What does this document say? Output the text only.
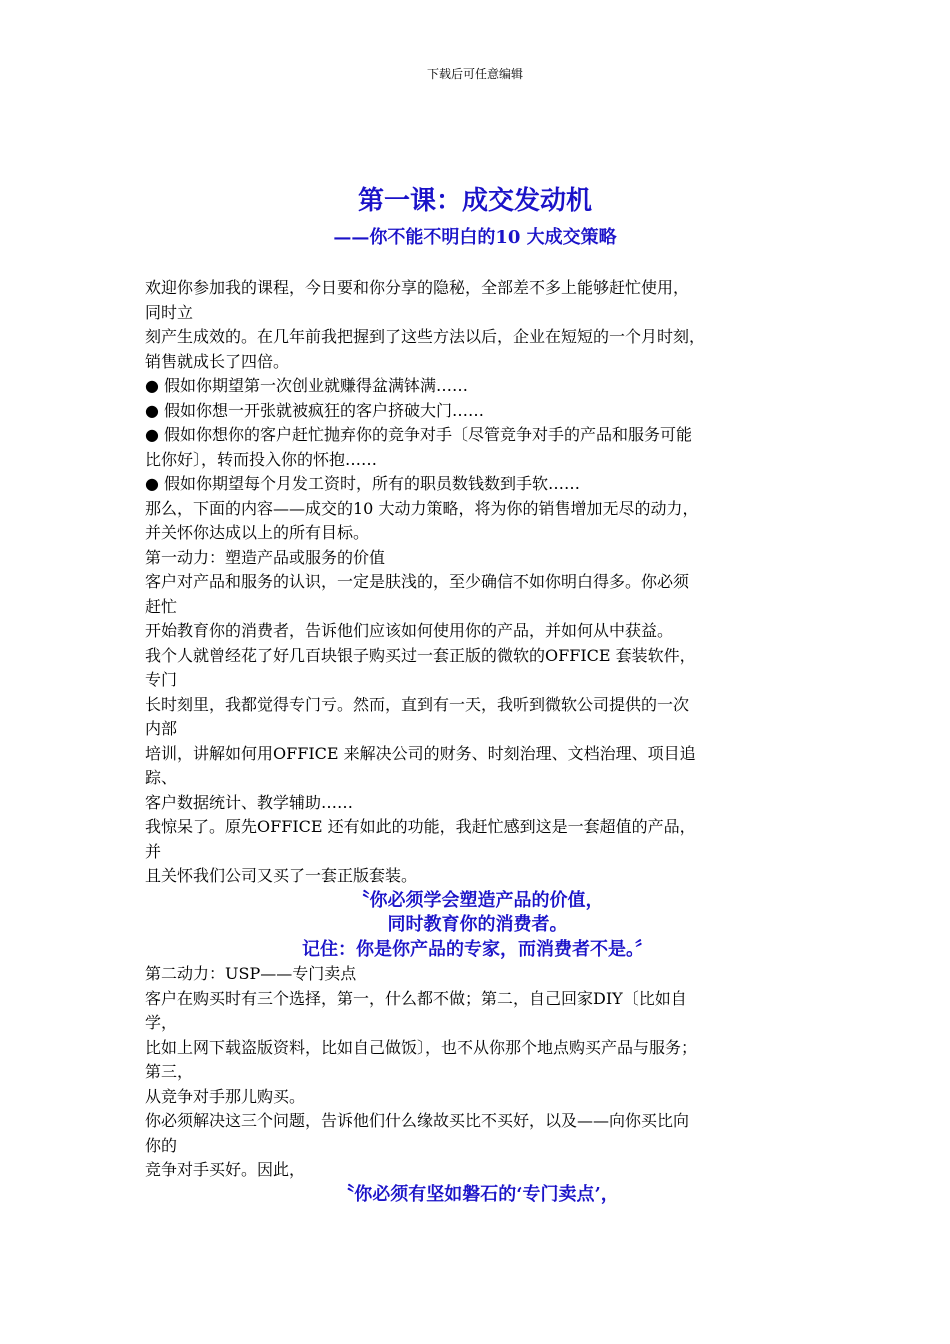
下载后可任意编辑
第一课：成交发动机
——你不能不明白的10 大成交策略
欢迎你参加我的课程，今日要和你分享的隐秘，全部差不多上能够赶忙使用，
同时立
刻产生成效的。在几年前我把握到了这些方法以后，企业在短短的一个月时刻，
销售就成长了四倍。
● 假如你期望第一次创业就赚得盆满钵满……
● 假如你想一开张就被疯狂的客户挤破大门……
● 假如你想你的客户赶忙抛弃你的竞争对手〔尽管竞争对手的产品和服务可能
比你好〕，转而投入你的怀抱……
● 假如你期望每个月发工资时，所有的职员数钱数到手软……
那么，下面的内容——成交的10 大动力策略，将为你的销售增加无尽的动力，
并关怀你达成以上的所有目标。
第一动力：塑造产品或服务的价值
客户对产品和服务的认识，一定是肤浅的，至少确信不如你明白得多。你必须
赶忙
开始教育你的消费者，告诉他们应该如何使用你的产品，并如何从中获益。
我个人就曾经花了好几百块银子购买过一套正版的微软的OFFICE 套装软件，
专门
长时刻里，我都觉得专门亏。然而，直到有一天，我听到微软公司提供的一次
内部
培训，讲解如何用OFFICE 来解决公司的财务、时刻治理、文档治理、项目追
踪、
客户数据统计、教学辅助……
我惊呆了。原先OFFICE 还有如此的功能，我赶忙感到这是一套超值的产品，
并
且关怀我们公司又买了一套正版套装。
〝你必须学会塑造产品的价值，
同时教育你的消费者。
记住：你是你产品的专家，而消费者不是。〞
第二动力：USP——专门卖点
客户在购买时有三个选择，第一，什么都不做；第二，自己回家DIY〔比如自
学，
比如上网下载盗版资料，比如自己做饭〕，也不从你那个地点购买产品与服务；
第三，
从竞争对手那儿购买。
你必须解决这三个问题，告诉他们什么缘故买比不买好，以及——向你买比向
你的
竞争对手买好。因此，
〝你必须有坚如磐石的‘专门卖点’，
